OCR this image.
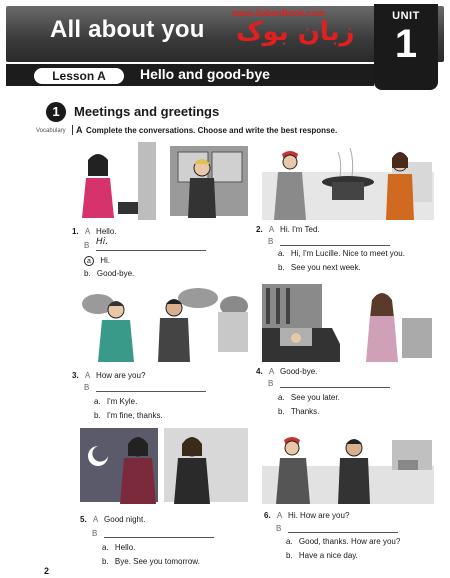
All about you
www.ZabanBook.com
زبان بوک
UNIT
1
Lesson A	Hello and good-bye
1	Meetings and greetings
Vocabulary	A Complete the conversations. Choose and write the best response.
1. A Hello.
B Hi.
a Hi.
b. Good-bye.
2. A Hi. I'm Ted.
B
a. Hi, I'm Lucille. Nice to meet you.
b. See you next week.
3. A How are you?
B
a. I'm Kyle.
b. I'm fine, thanks.
4. A Good-bye.
B
a. See you later.
b. Thanks.
5. A Good night.
B
a. Hello.
b. Bye. See you tomorrow.
6. A Hi. How are you?
B
a. Good, thanks. How are you?
b. Have a nice day.
2
